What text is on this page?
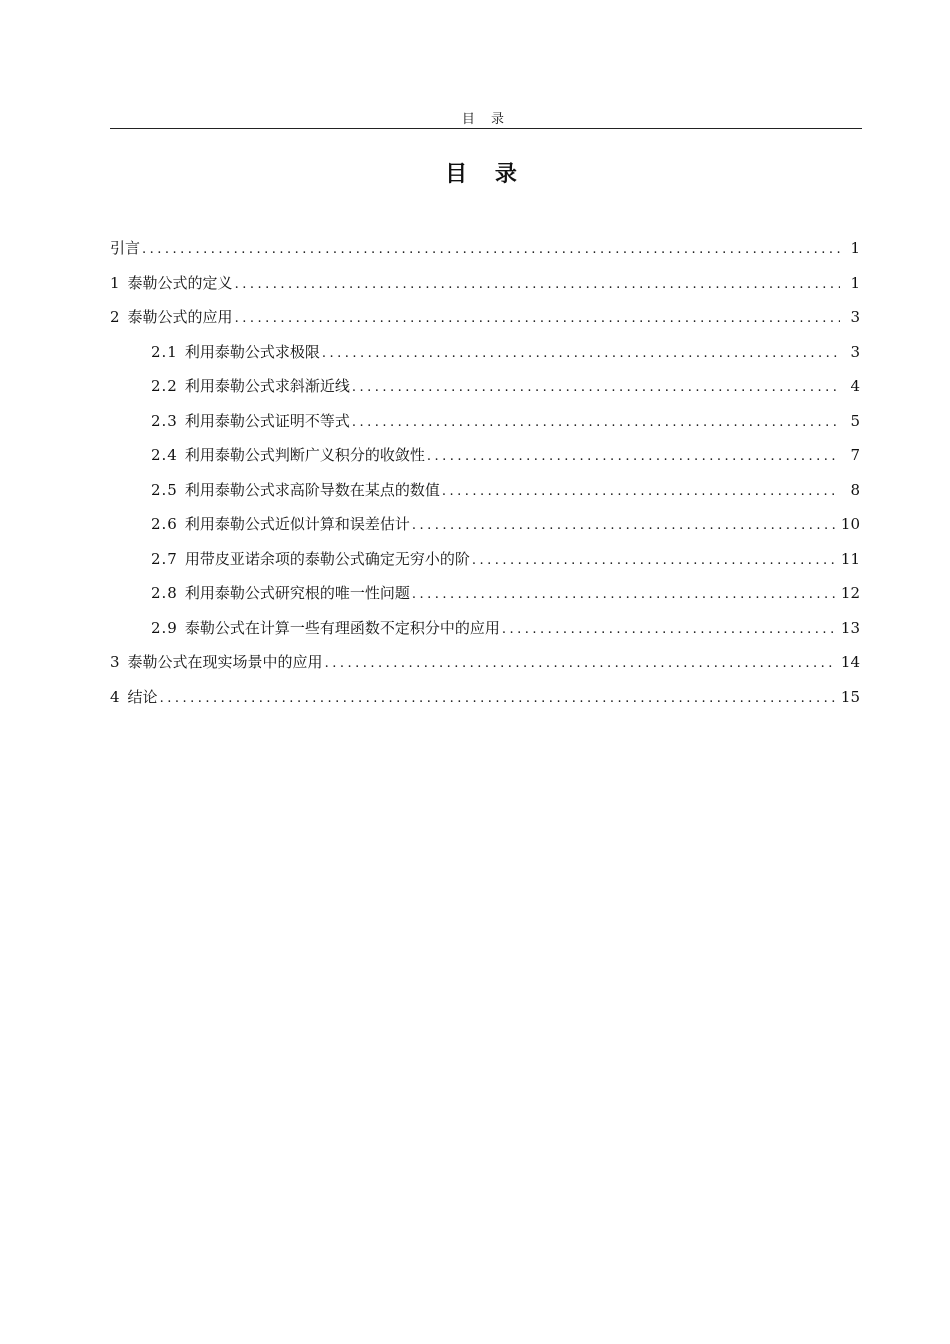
目 录
目 录
引言 .....	1
1 泰勒公式的定义 .....	1
2 泰勒公式的应用 .....	3
2.1 利用泰勒公式求极限 .....	3
2.2 利用泰勒公式求斜渐近线 .....	4
2.3 利用泰勒公式证明不等式 .....	5
2.4 利用泰勒公式判断广义积分的收敛性 .....	7
2.5 利用泰勒公式求高阶导数在某点的数值 .....	8
2.6 利用泰勒公式近似计算和误差估计 .....	10
2.7 用带皮亚诺余项的泰勒公式确定无穷小的阶 .....	11
2.8 利用泰勒公式研究根的唯一性问题 .....	12
2.9 泰勒公式在计算一些有理函数不定积分中的应用 .....	13
3 泰勒公式在现实场景中的应用 .....	14
4 结论 .....	15
